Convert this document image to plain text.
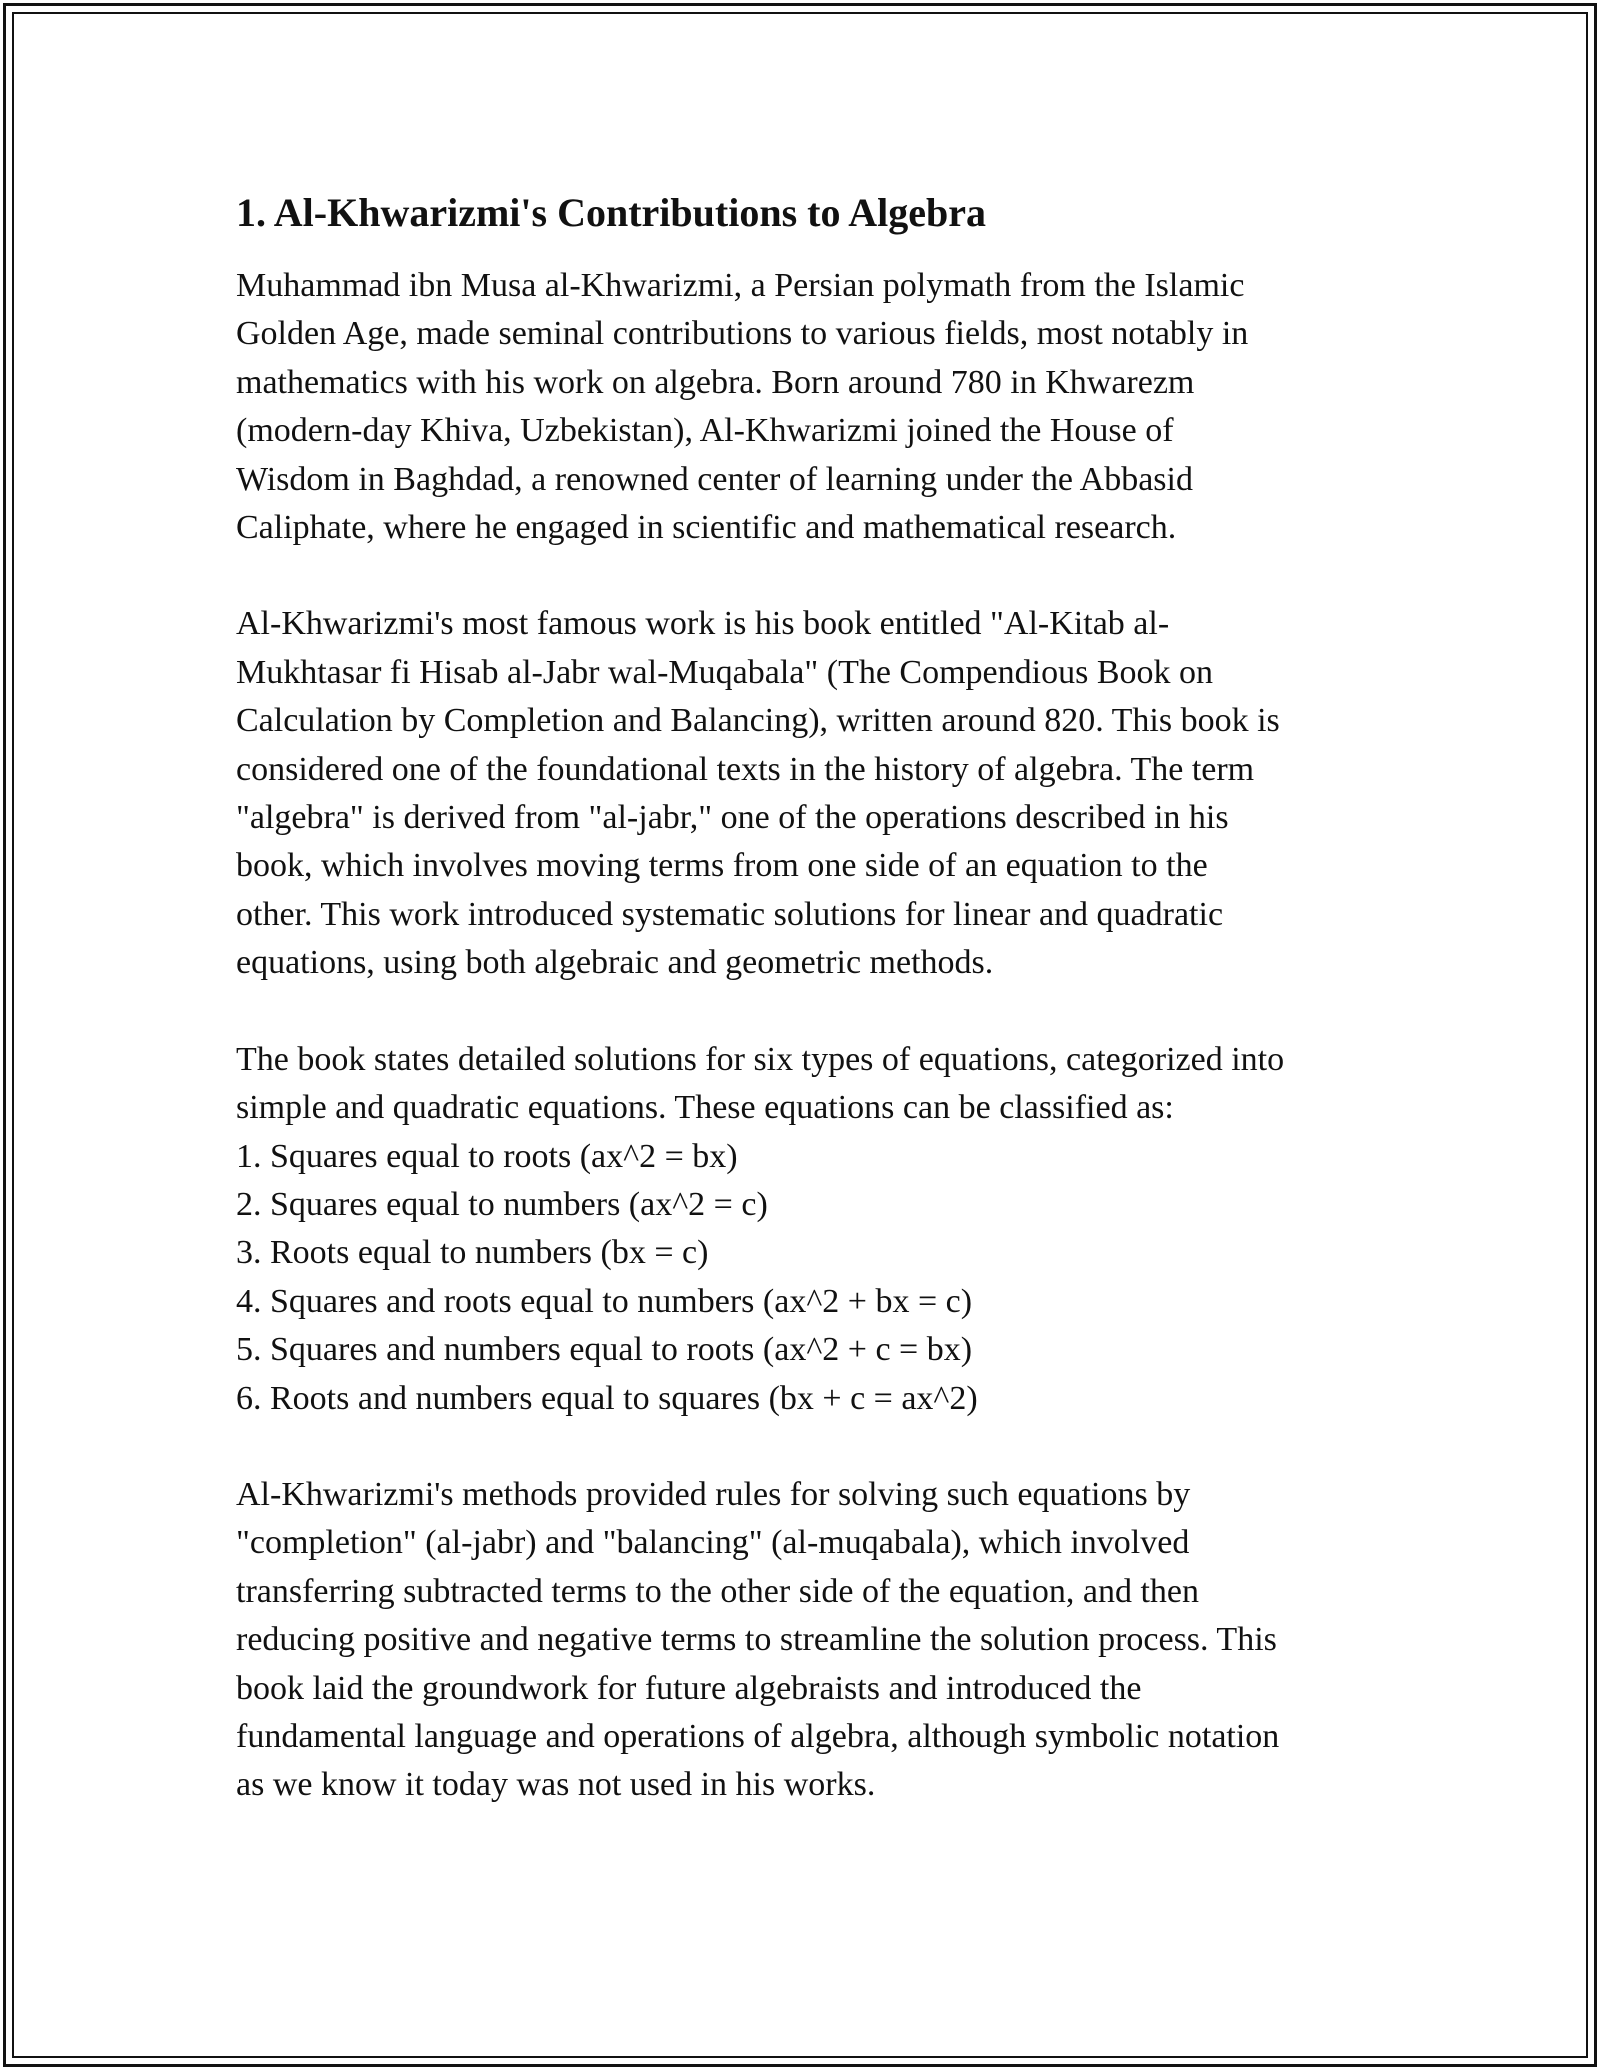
1. Al-Khwarizmi's Contributions to Algebra

Muhammad ibn Musa al-Khwarizmi, a Persian polymath from the Islamic
Golden Age, made seminal contributions to various fields, most notably in
mathematics with his work on algebra. Born around 780 in Khwarezm
(modern-day Khiva, Uzbekistan), Al-Khwarizmi joined the House of
Wisdom in Baghdad, a renowned center of learning under the Abbasid
Caliphate, where he engaged in scientific and mathematical research.

Al-Khwarizmi's most famous work is his book entitled "Al-Kitab al-
Mukhtasar fi Hisab al-Jabr wal-Muqabala" (The Compendious Book on
Calculation by Completion and Balancing), written around 820. This book is
considered one of the foundational texts in the history of algebra. The term
"algebra" is derived from "al-jabr," one of the operations described in his
book, which involves moving terms from one side of an equation to the
other. This work introduced systematic solutions for linear and quadratic
equations, using both algebraic and geometric methods.

The book states detailed solutions for six types of equations, categorized into
simple and quadratic equations. These equations can be classified as:

1. Squares equal to roots (ax^2 = bx)
2. Squares equal to numbers (ax^2 = c)
3. Roots equal to numbers (bx = c)
4. Squares and roots equal to numbers (ax^2 + bx = c)
5. Squares and numbers equal to roots (ax^2 + c = bx)
6. Roots and numbers equal to squares (bx + c = ax^2)

Al-Khwarizmi's methods provided rules for solving such equations by
"completion" (al-jabr) and "balancing" (al-muqabala), which involved
transferring subtracted terms to the other side of the equation, and then
reducing positive and negative terms to streamline the solution process. This
book laid the groundwork for future algebraists and introduced the
fundamental language and operations of algebra, although symbolic notation
as we know it today was not used in his works.
